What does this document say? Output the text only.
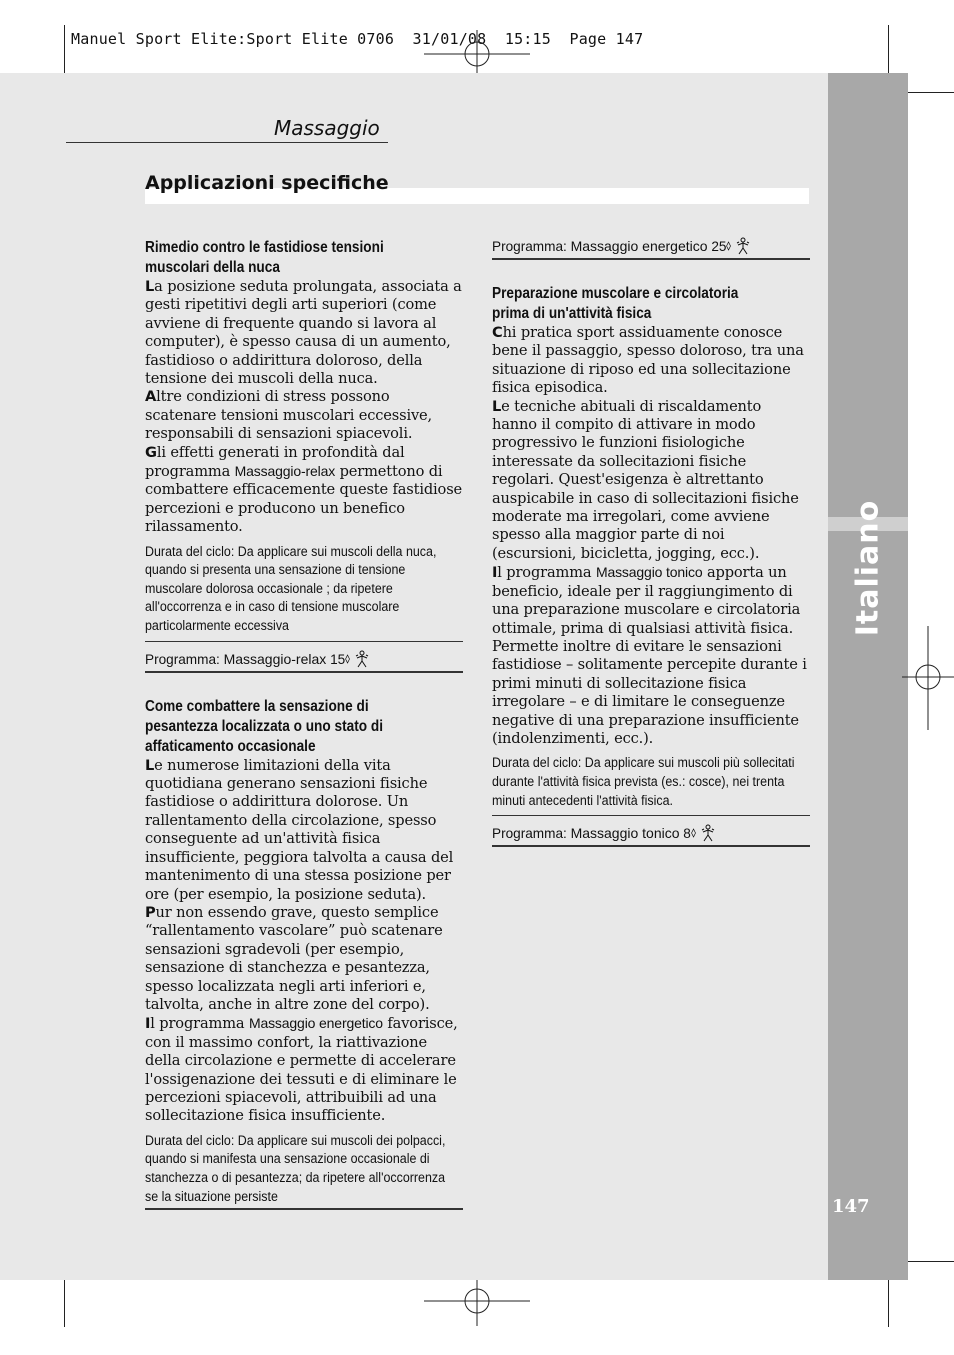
Manuel Sport Elite:Sport Elite 0706  31/01/08  15:15  Page 147
Italiano
147
Massaggio
Applicazioni specifiche

Rimedio contro le fastidiose tensioni
muscolari della nuca

La posizione seduta prolungata, associata a gesti ripetitivi degli arti superiori (come avviene di frequente quando si lavora al computer), è spesso causa di un aumento, fastidioso o addirittura doloroso, della tensione dei muscoli della nuca.

Altre condizioni di stress possono scatenare tensioni muscolari eccessive, responsabili di sensazioni spiacevoli.

Gli effetti generati in profondità dal programma Massaggio-relax permettono di combattere efficacemente queste fastidiose percezioni e producono un benefico rilassamento.

Durata del ciclo: Da applicare sui muscoli della nuca, quando si presenta una sensazione di tensione muscolare dolorosa occasionale ; da ripetere all'occorrenza e in caso di tensione muscolare particolarmente eccessiva

Programma: Massaggio-relax 15

Come combattere la sensazione di
pesantezza localizzata o uno stato di
affaticamento occasionale

Le numerose limitazioni della vita quotidiana generano sensazioni fisiche fastidiose o addirittura dolorose. Un rallentamento della circolazione, spesso conseguente ad un'attività fisica insufficiente, peggiora talvolta a causa del mantenimento di una stessa posizione per ore (per esempio, la posizione seduta).

Pur non essendo grave, questo semplice “rallentamento vascolare” può scatenare sensazioni sgradevoli (per esempio, sensazione di stanchezza e pesantezza, spesso localizzata negli arti inferiori e, talvolta, anche in altre zone del corpo).

Il programma Massaggio energetico favorisce, con il massimo confort, la riattivazione della circolazione e permette di accelerare l'ossigenazione dei tessuti e di eliminare le percezioni spiacevoli, attribuibili ad una sollecitazione fisica insufficiente.

Durata del ciclo: Da applicare sui muscoli dei polpacci, quando si manifesta una sensazione occasionale di stanchezza o di pesantezza; da ripetere all'occorrenza se la situazione persiste

Programma: Massaggio energetico 25

Preparazione muscolare e circolatoria
prima di un'attività fisica

Chi pratica sport assiduamente conosce bene il passaggio, spesso doloroso, tra una situazione di riposo ed una sollecitazione fisica episodica.

Le tecniche abituali di riscaldamento hanno il compito di attivare in modo progressivo le funzioni fisiologiche interessate da sollecitazioni fisiche regolari. Quest'esigenza è altrettanto auspicabile in caso di sollecitazioni fisiche moderate ma irregolari, come avviene spesso alla maggior parte di noi (escursioni, bicicletta, jogging, ecc.).

Il programma Massaggio tonico apporta un beneficio, ideale per il raggiungimento di una preparazione muscolare e circolatoria ottimale, prima di qualsiasi attività fisica. Permette inoltre di evitare le sensazioni fastidiose – solitamente percepite durante i primi minuti di sollecitazione fisica irregolare – e di limitare le conseguenze negative di una preparazione insufficiente (indolenzimenti, ecc.).

Durata del ciclo: Da applicare sui muscoli più sollecitati durante l'attività fisica prevista (es.: cosce), nei trenta minuti antecedenti l'attività fisica.

Programma: Massaggio tonico 8
